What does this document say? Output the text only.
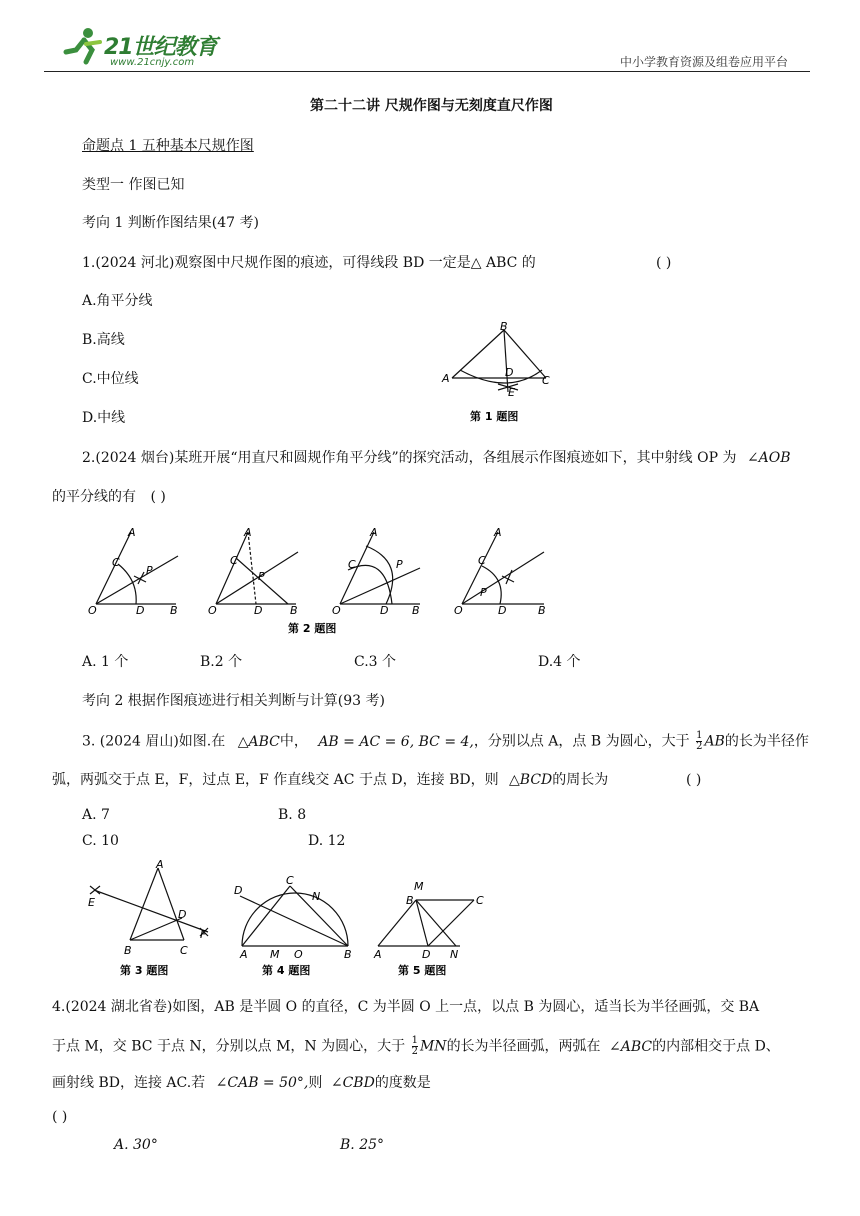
21世纪教育
www.21cnjy.com	中小学教育资源及组卷应用平台
第二十二讲 尺规作图与无刻度直尺作图
命题点 1 五种基本尺规作图
类型一 作图已知
考向 1 判断作图结果(47 考)
1.(2024 河北)观察图中尺规作图的痕迹，可得线段 BD 一定是△ ABC 的	( )
A.角平分线
B.高线
C.中位线
D.中线
B
A	D
C
E
第 1 题图
2.(2024 烟台)某班开展“用直尺和圆规作角平分线”的探究活动，各组展示作图痕迹如下，其中射线 OP 为 ∠AOB
的平分线的有 ( )
A
C
P
O	D B
A
C
P
O	D	B
A
C	P
O	D B
A
C
P
O	D	B
第 2 题图
A. 1 个	B.2 个	C.3 个	D.4 个
考向 2 根据作图痕迹进行相关判断与计算(93 考)
3. (2024 眉山)如图.在 △ABC中， AB = AC = 6, BC = 4,，分别以点 A，点 B 为圆心，大于 $\frac{1}{2}$ AB的长为半径作
弧，两弧交于点 E，F，过点 E，F 作直线交 AC 于点 D，连接 BD，则 △BCD的周长为	( )
A. 7	B. 8
C. 10	D. 12
A
E
D
F
B	C
C
D	N
A M O	B
M
B	C
A	D N
第 3 题图	第 4 题图	第 5 题图
4.(2024 湖北省卷)如图，AB 是半圆 O 的直径，C 为半圆 O 上一点，以点 B 为圆心，适当长为半径画弧，交 BA
于点 M，交 BC 于点 N，分别以点 M，N 为圆心，大于 $\frac{1}{2}$ MN的长为半径画弧，两弧在 ∠ABC的内部相交于点 D、
画射线 BD，连接 AC.若 ∠CAB = 50°,则 ∠CBD的度数是
( )
A. 30°	B. 25°
